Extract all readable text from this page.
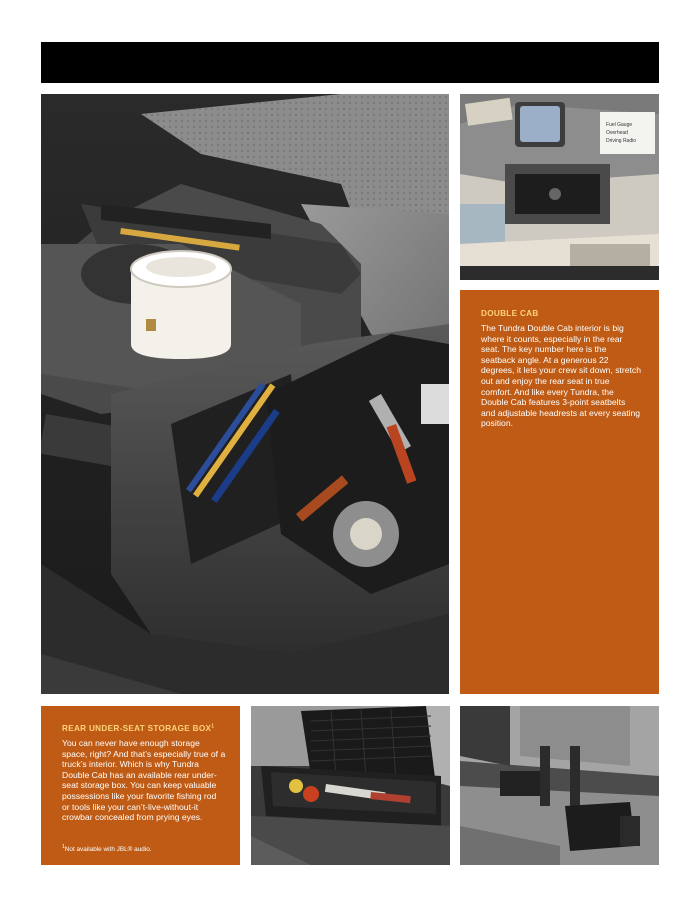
Fuel Gauge
Overhead
Driving Radio

DOUBLE CAB

The Tundra Double Cab interior is big where it counts, especially in the rear seat. The key number here is the seatback angle. At a generous 22 degrees, it lets your crew sit down, stretch out and enjoy the rear seat in true comfort. And like every Tundra, the Double Cab features 3-point seatbelts and adjustable headrests at every seating position.

REAR UNDER-SEAT STORAGE BOX$^1$

You can never have enough storage space, right? And that’s especially true of a truck’s interior. Which is why Tundra Double Cab has an available rear under-seat storage box. You can keep valuable possessions like your favorite fishing rod or tools like your can’t-live-without-it crowbar concealed from prying eyes.

$^1$Not available with JBL® audio.
